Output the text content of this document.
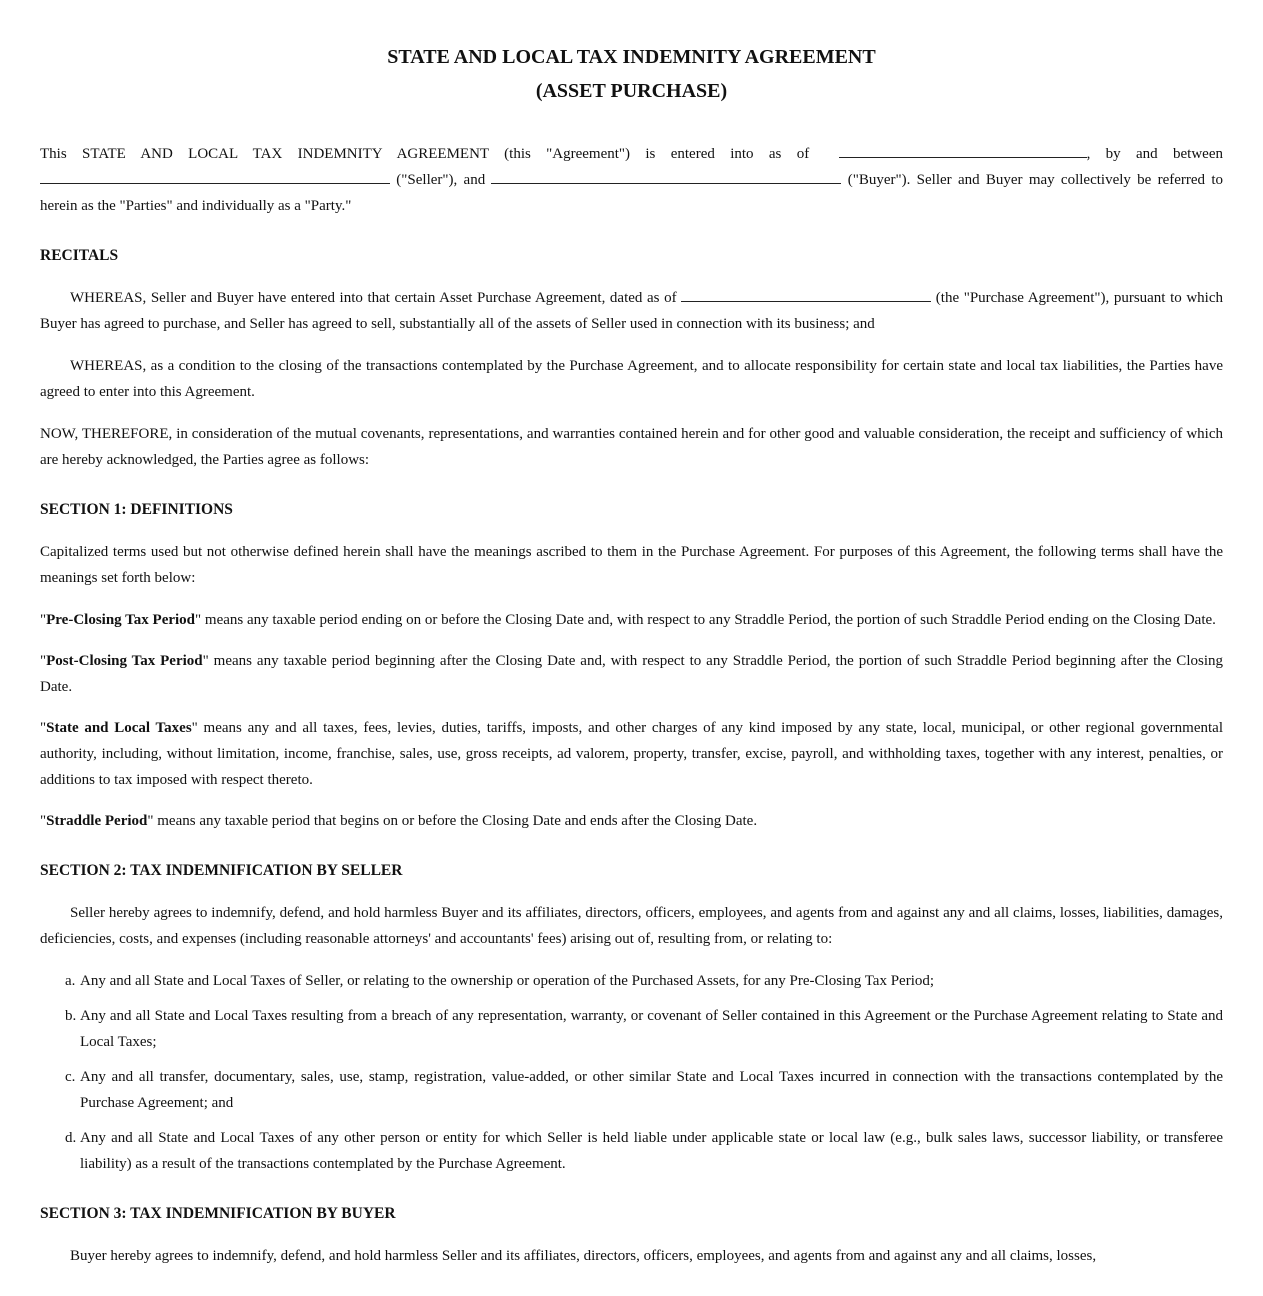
STATE AND LOCAL TAX INDEMNITY AGREEMENT
(ASSET PURCHASE)

This STATE AND LOCAL TAX INDEMNITY AGREEMENT (this "Agreement") is entered into as of	, by and between  ("Seller"), and	("Buyer"). Seller and Buyer may collectively be referred to herein as the "Parties" and individually as a "Party."

RECITALS

WHEREAS, Seller and Buyer have entered into that certain Asset Purchase Agreement, dated as of	(the "Purchase Agreement"), pursuant to which Buyer has agreed to purchase, and Seller has agreed to sell, substantially all of the assets of Seller used in connection with its business; and

WHEREAS, as a condition to the closing of the transactions contemplated by the Purchase Agreement, and to allocate responsibility for certain state and local tax liabilities, the Parties have agreed to enter into this Agreement.

NOW, THEREFORE, in consideration of the mutual covenants, representations, and warranties contained herein and for other good and valuable consideration, the receipt and sufficiency of which are hereby acknowledged, the Parties agree as follows:

SECTION 1: DEFINITIONS

Capitalized terms used but not otherwise defined herein shall have the meanings ascribed to them in the Purchase Agreement. For purposes of this Agreement, the following terms shall have the meanings set forth below:

"Pre-Closing Tax Period" means any taxable period ending on or before the Closing Date and, with respect to any Straddle Period, the portion of such Straddle Period ending on the Closing Date.

"Post-Closing Tax Period" means any taxable period beginning after the Closing Date and, with respect to any Straddle Period, the portion of such Straddle Period beginning after the Closing Date.

"State and Local Taxes" means any and all taxes, fees, levies, duties, tariffs, imposts, and other charges of any kind imposed by any state, local, municipal, or other regional governmental authority, including, without limitation, income, franchise, sales, use, gross receipts, ad valorem, property, transfer, excise, payroll, and withholding taxes, together with any interest, penalties, or additions to tax imposed with respect thereto.

"Straddle Period" means any taxable period that begins on or before the Closing Date and ends after the Closing Date.

SECTION 2: TAX INDEMNIFICATION BY SELLER

Seller hereby agrees to indemnify, defend, and hold harmless Buyer and its affiliates, directors, officers, employees, and agents from and against any and all claims, losses, liabilities, damages, deficiencies, costs, and expenses (including reasonable attorneys' and accountants' fees) arising out of, resulting from, or relating to:

a. Any and all State and Local Taxes of Seller, or relating to the ownership or operation of the Purchased Assets, for any Pre-Closing Tax Period;
b. Any and all State and Local Taxes resulting from a breach of any representation, warranty, or covenant of Seller contained in this Agreement or the Purchase Agreement relating to State and Local Taxes;
c. Any and all transfer, documentary, sales, use, stamp, registration, value-added, or other similar State and Local Taxes incurred in connection with the transactions contemplated by the Purchase Agreement; and
d. Any and all State and Local Taxes of any other person or entity for which Seller is held liable under applicable state or local law (e.g., bulk sales laws, successor liability, or transferee liability) as a result of the transactions contemplated by the Purchase Agreement.
SECTION 3: TAX INDEMNIFICATION BY BUYER

Buyer hereby agrees to indemnify, defend, and hold harmless Seller and its affiliates, directors, officers, employees, and agents from and against any and all claims, losses,
